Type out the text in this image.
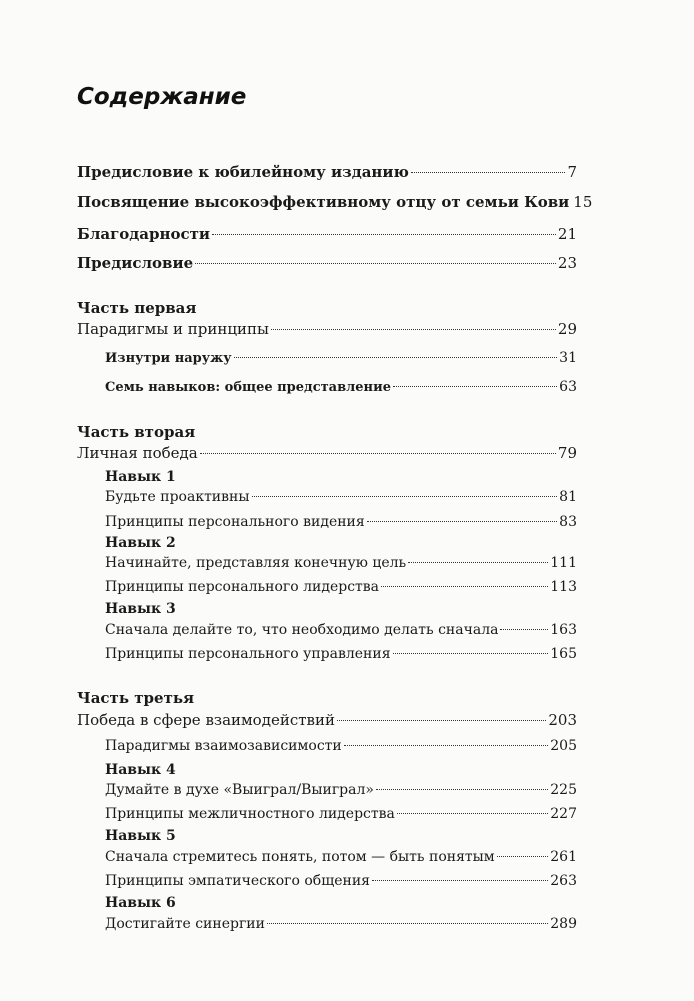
Содержание
Предисловие к юбилейному изданию	7
Посвящение высокоэффективному отцу от семьи Кови 15
Благодарности	21
Предисловие	23
Часть первая
Парадигмы и принципы	29
Изнутри наружу	31
Семь навыков: общее представление	63
Часть вторая
Личная победа	79
Навык 1
Будьте проактивны	81
Принципы персонального видения	83
Навык 2
Начинайте, представляя конечную цель	111
Принципы персонального лидерства	113
Навык 3
Сначала делайте то, что необходимо делать сначала	163
Принципы персонального управления	165
Часть третья
Победа в сфере взаимодействий	203
Парадигмы взаимозависимости	205
Навык 4
Думайте в духе «Выиграл/Выиграл»	225
Принципы межличностного лидерства	227
Навык 5
Сначала стремитесь понять, потом — быть понятым	261
Принципы эмпатического общения	263
Навык 6
Достигайте синергии	289
